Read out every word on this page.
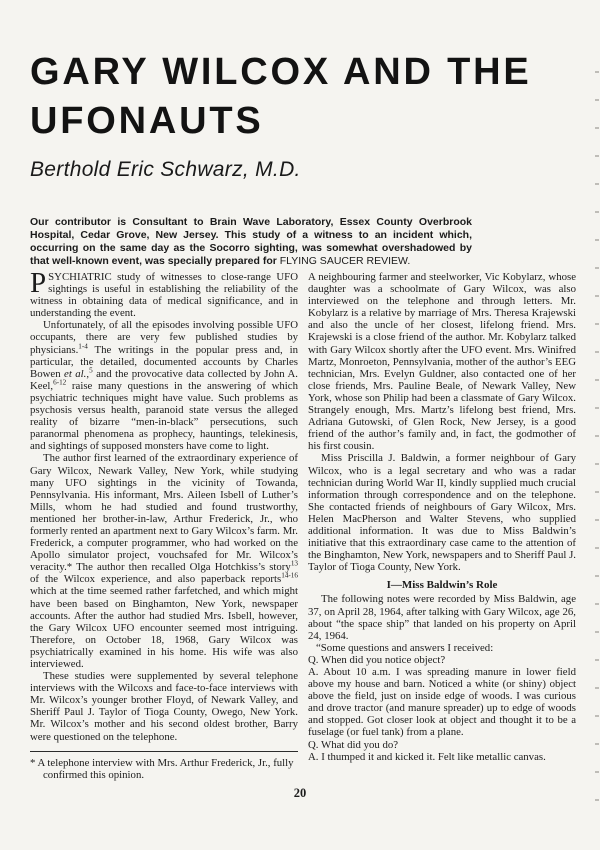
GARY WILCOX AND THE UFONAUTS
Berthold Eric Schwarz, M.D.

Our contributor is Consultant to Brain Wave Laboratory, Essex County Overbrook Hospital, Cedar Grove, New Jersey. This study of a witness to an incident which, occurring on the same day as the Socorro sighting, was somewhat overshadowed by that well-known event, was specially prepared for FLYING SAUCER REVIEW.

PSYCHIATRIC study of witnesses to close-range UFO sightings is useful in establishing the reliability of the witness in obtaining data of medical significance, and in understanding the event.

Unfortunately, of all the episodes involving possible UFO occupants, there are very few published studies by physicians.$^{1-4}$ The writings in the popular press and, in particular, the detailed, documented accounts by Charles Bowen et al.,$^5$ and the provocative data collected by John A. Keel,$^{6-12}$ raise many questions in the answering of which psychiatric techniques might have value. Such problems as psychosis versus health, paranoid state versus the alleged reality of bizarre “men-in-black” persecutions, such paranormal phenomena as prophecy, hauntings, telekinesis, and sightings of supposed monsters have come to light.

The author first learned of the extraordinary experience of Gary Wilcox, Newark Valley, New York, while studying many UFO sightings in the vicinity of Towanda, Pennsylvania. His informant, Mrs. Aileen Isbell of Luther’s Mills, whom he had studied and found trustworthy, mentioned her brother-in-law, Arthur Frederick, Jr., who formerly rented an apartment next to Gary Wilcox’s farm. Mr. Frederick, a computer programmer, who had worked on the Apollo simulator project, vouchsafed for Mr. Wilcox’s veracity.* The author then recalled Olga Hotchkiss’s story$^{13}$ of the Wilcox experience, and also paperback reports$^{14-16}$ which at the time seemed rather farfetched, and which might have been based on Binghamton, New York, newspaper accounts. After the author had studied Mrs. Isbell, however, the Gary Wilcox UFO encounter seemed most intriguing. Therefore, on October 18, 1968, Gary Wilcox was psychiatrically examined in his home. His wife was also interviewed.

These studies were supplemented by several telephone interviews with the Wilcoxs and face-to-face interviews with Mr. Wilcox’s younger brother Floyd, of Newark Valley, and Sheriff Paul J. Taylor of Tioga County, Owego, New York. Mr. Wilcox’s mother and his second oldest brother, Barry were questioned on the telephone.

* A telephone interview with Mrs. Arthur Frederick, Jr., fully confirmed this opinion.

A neighbouring farmer and steelworker, Vic Kobylarz, whose daughter was a schoolmate of Gary Wilcox, was also interviewed on the telephone and through letters. Mr. Kobylarz is a relative by marriage of Mrs. Theresa Krajewski and also the uncle of her closest, lifelong friend. Mrs. Krajewski is a close friend of the author. Mr. Kobylarz talked with Gary Wilcox shortly after the UFO event. Mrs. Winifred Martz, Monroeton, Pennsylvania, mother of the author’s EEG technician, Mrs. Evelyn Guldner, also contacted one of her close friends, Mrs. Pauline Beale, of Newark Valley, New York, whose son Philip had been a classmate of Gary Wilcox. Strangely enough, Mrs. Martz’s lifelong best friend, Mrs. Adriana Gutowski, of Glen Rock, New Jersey, is a good friend of the author’s family and, in fact, the godmother of his first cousin.

Miss Priscilla J. Baldwin, a former neighbour of Gary Wilcox, who is a legal secretary and who was a radar technician during World War II, kindly supplied much crucial information through correspondence and on the telephone. She contacted friends of neighbours of Gary Wilcox, Mrs. Helen MacPherson and Walter Stevens, who supplied additional information. It was due to Miss Baldwin’s initiative that this extraordinary case came to the attention of the Binghamton, New York, newspapers and to Sheriff Paul J. Taylor of Tioga County, New York.

I—Miss Baldwin’s Role

The following notes were recorded by Miss Baldwin, age 37, on April 28, 1964, after talking with Gary Wilcox, age 26, about “the space ship” that landed on his property on April 24, 1964.

“Some questions and answers I received:

Q. When did you notice object?

A. About 10 a.m. I was spreading manure in lower field above my house and barn. Noticed a white (or shiny) object above the field, just on inside edge of woods. I was curious and drove tractor (and manure spreader) up to edge of woods and stopped. Got closer look at object and thought it to be a fuselage (or fuel tank) from a plane.

Q. What did you do?

A. I thumped it and kicked it. Felt like metallic canvas.

20
